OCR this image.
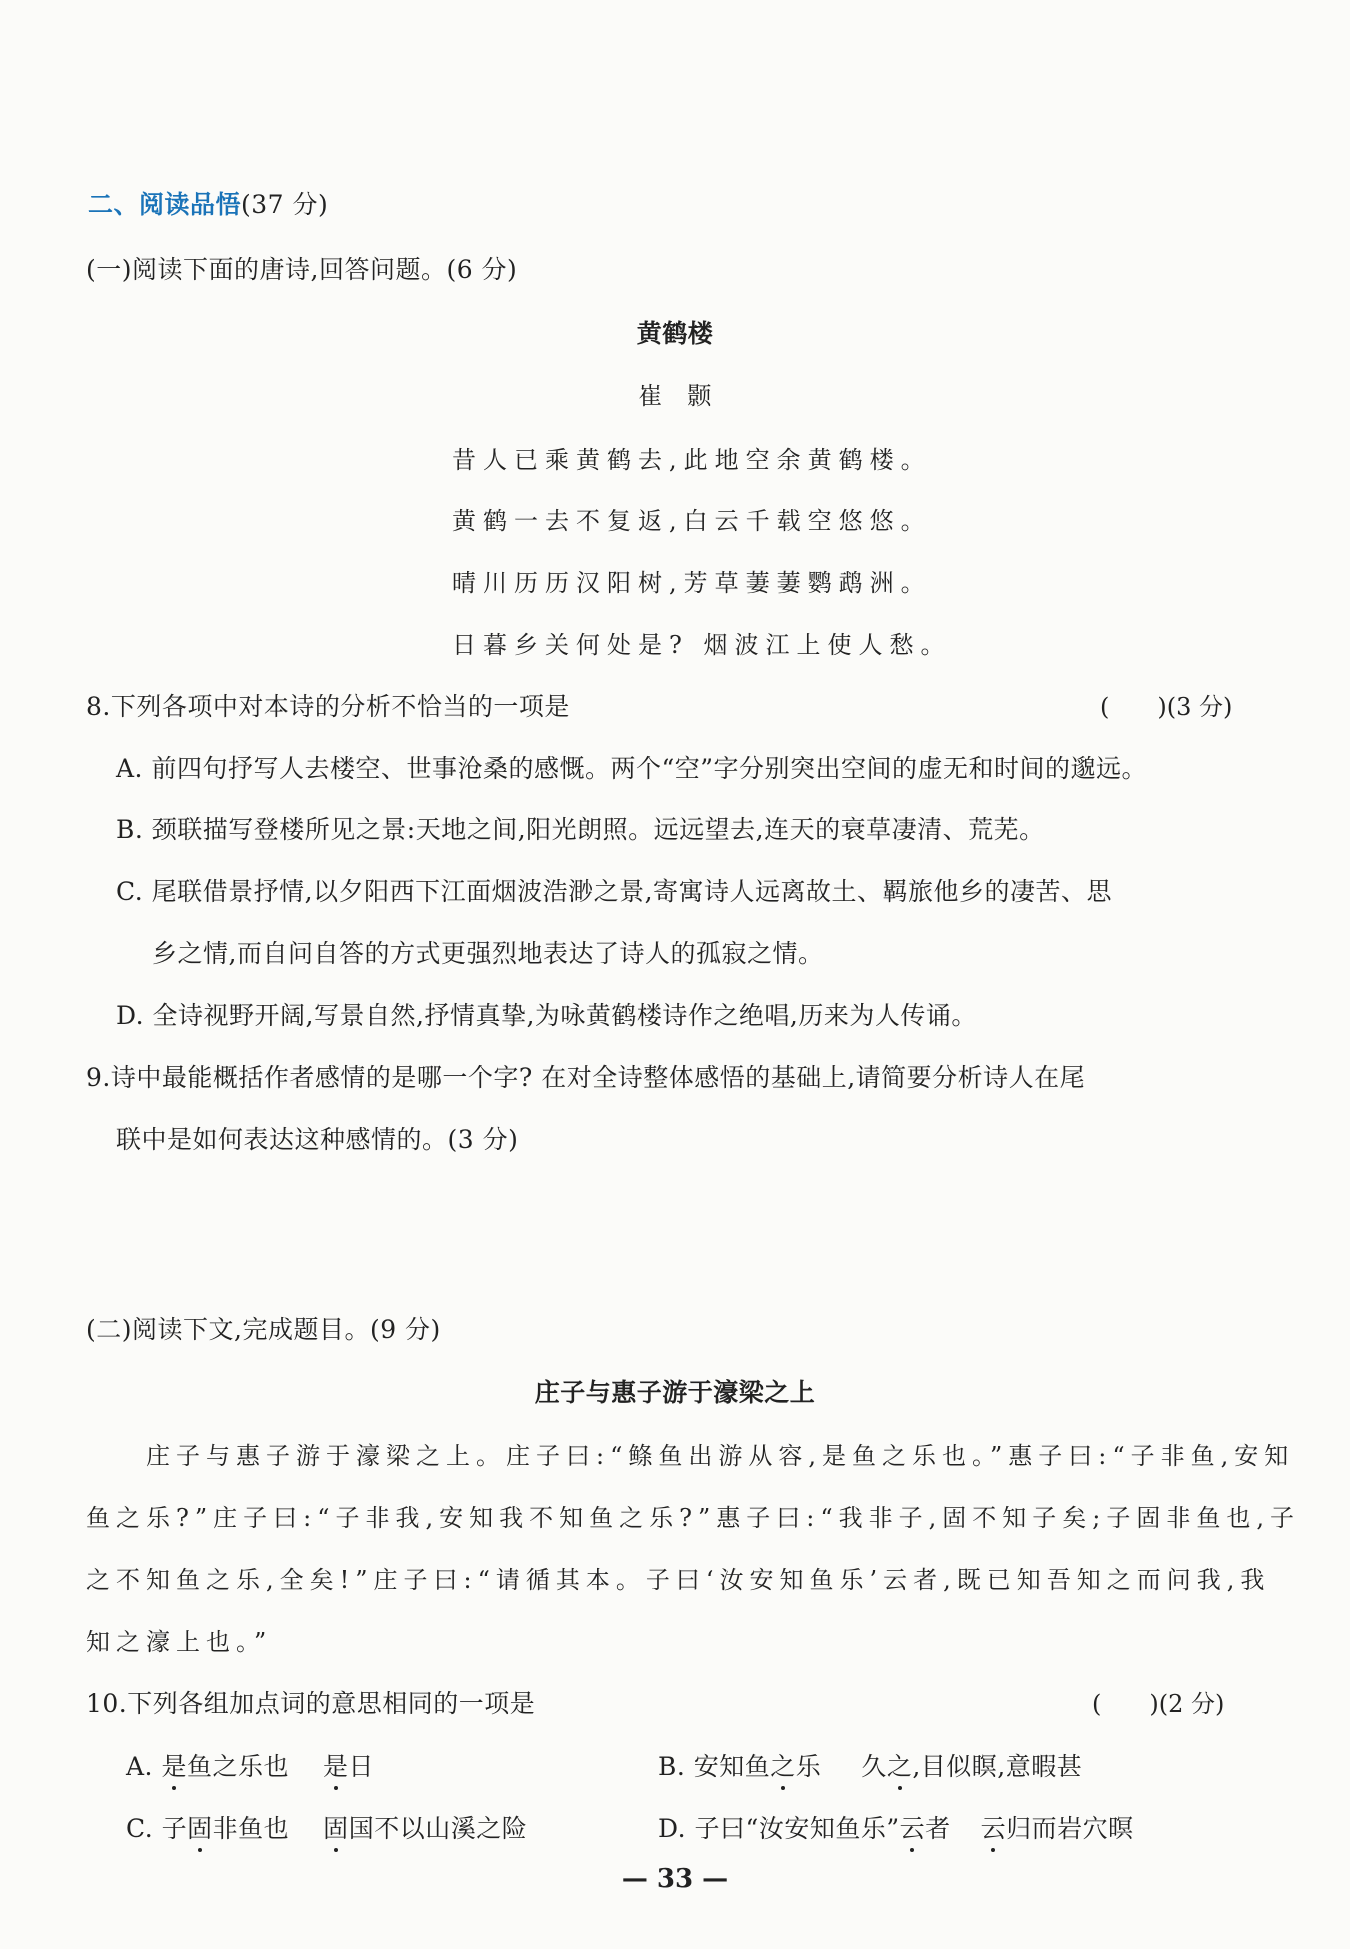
二、阅读品悟(37 分)
(一)阅读下面的唐诗,回答问题。(6 分)
黄鹤楼
崔　颢
昔人已乘黄鹤去,此地空余黄鹤楼。
黄鹤一去不复返,白云千载空悠悠。
晴川历历汉阳树,芳草萋萋鹦鹉洲。
日暮乡关何处是? 烟波江上使人愁。
8.下列各项中对本诗的分析不恰当的一项是	(　　)(3 分)
A. 前四句抒写人去楼空、世事沧桑的感慨。两个“空”字分别突出空间的虚无和时间的邈远。
B. 颈联描写登楼所见之景:天地之间,阳光朗照。远远望去,连天的衰草凄清、荒芜。
C. 尾联借景抒情,以夕阳西下江面烟波浩渺之景,寄寓诗人远离故土、羁旅他乡的凄苦、思
乡之情,而自问自答的方式更强烈地表达了诗人的孤寂之情。
D. 全诗视野开阔,写景自然,抒情真挚,为咏黄鹤楼诗作之绝唱,历来为人传诵。
9.诗中最能概括作者感情的是哪一个字? 在对全诗整体感悟的基础上,请简要分析诗人在尾
联中是如何表达这种感情的。(3 分)
(二)阅读下文,完成题目。(9 分)
庄子与惠子游于濠梁之上
庄子与惠子游于濠梁之上。庄子曰:“鲦鱼出游从容,是鱼之乐也。”惠子曰:“子非鱼,安知
鱼之乐?”庄子曰:“子非我,安知我不知鱼之乐?”惠子曰:“我非子,固不知子矣;子固非鱼也,子
之不知鱼之乐,全矣!”庄子曰:“请循其本。子曰‘汝安知鱼乐’云者,既已知吾知之而问我,我
知之濠上也。”
10.下列各组加点词的意思相同的一项是	(　　)(2 分)
A. 是鱼之乐也 是日	B. 安知鱼之乐 久之,目似瞑,意暇甚
C. 子固非鱼也 固国不以山溪之险	D. 子曰“汝安知鱼乐”云者 云归而岩穴暝
— 33 —
